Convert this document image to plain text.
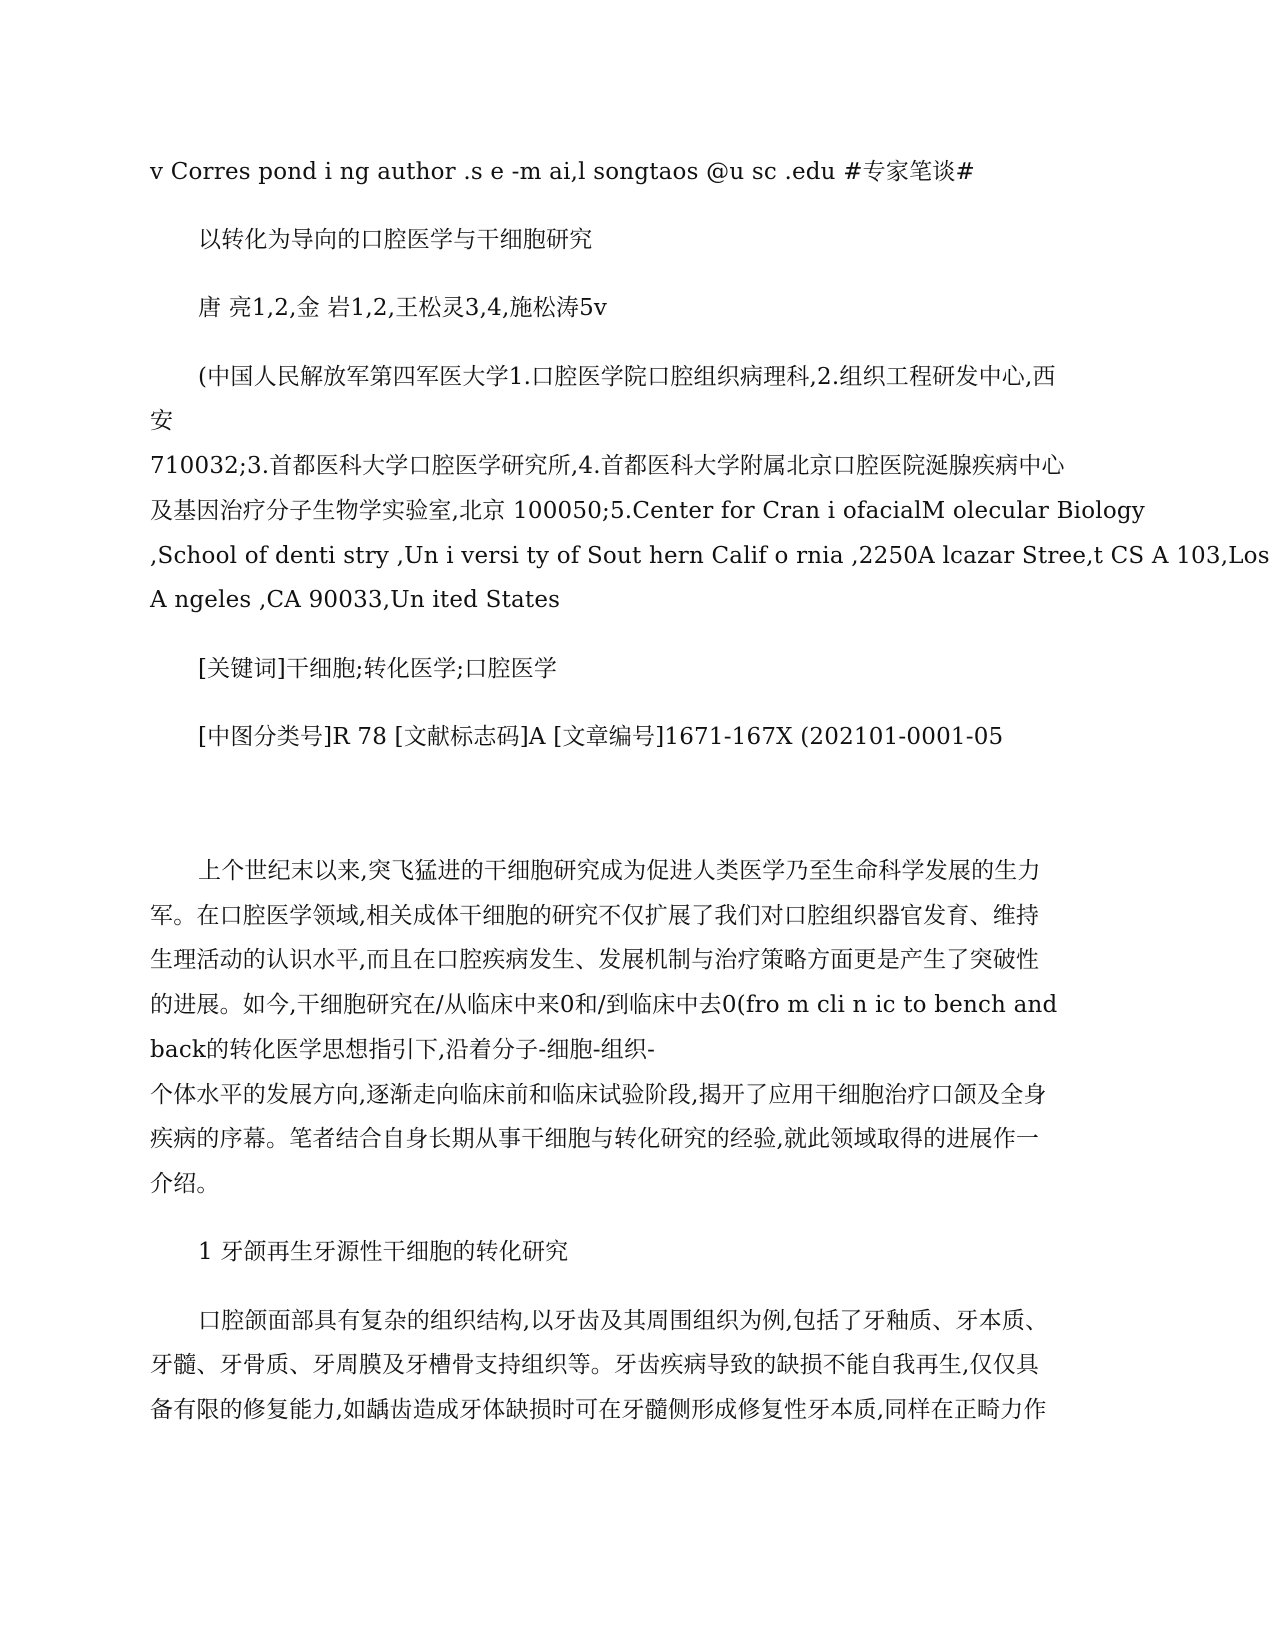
v Corres pond i ng author .s e -m ai,l songtaos @u sc .edu #专家笔谈#
以转化为导向的口腔医学与干细胞研究
唐 亮1,2,金 岩1,2,王松灵3,4,施松涛5v
(中国人民解放军第四军医大学1.口腔医学院口腔组织病理科,2.组织工程研发中心,西
安
710032;3.首都医科大学口腔医学研究所,4.首都医科大学附属北京口腔医院涎腺疾病中心
及基因治疗分子生物学实验室,北京 100050;5.Center for Cran i ofacialM olecular Biology
,School of denti stry ,Un i versi ty of Sout hern Calif o rnia ,2250A lcazar Stree,t CS A 103,Los
A ngeles ,CA 90033,Un ited States
[关键词]干细胞;转化医学;口腔医学
[中图分类号]R 78 [文献标志码]A [文章编号]1671-167X (202101-0001-05
上个世纪末以来,突飞猛进的干细胞研究成为促进人类医学乃至生命科学发展的生力
军。在口腔医学领域,相关成体干细胞的研究不仅扩展了我们对口腔组织器官发育、维持
生理活动的认识水平,而且在口腔疾病发生、发展机制与治疗策略方面更是产生了突破性
的进展。如今,干细胞研究在/从临床中来0和/到临床中去0(fro m cli n ic to bench and
back的转化医学思想指引下,沿着分子-细胞-组织-
个体水平的发展方向,逐渐走向临床前和临床试验阶段,揭开了应用干细胞治疗口颌及全身
疾病的序幕。笔者结合自身长期从事干细胞与转化研究的经验,就此领域取得的进展作一
介绍。
1 牙颌再生牙源性干细胞的转化研究
口腔颌面部具有复杂的组织结构,以牙齿及其周围组织为例,包括了牙釉质、牙本质、
牙髓、牙骨质、牙周膜及牙槽骨支持组织等。牙齿疾病导致的缺损不能自我再生,仅仅具
备有限的修复能力,如龋齿造成牙体缺损时可在牙髓侧形成修复性牙本质,同样在正畸力作
